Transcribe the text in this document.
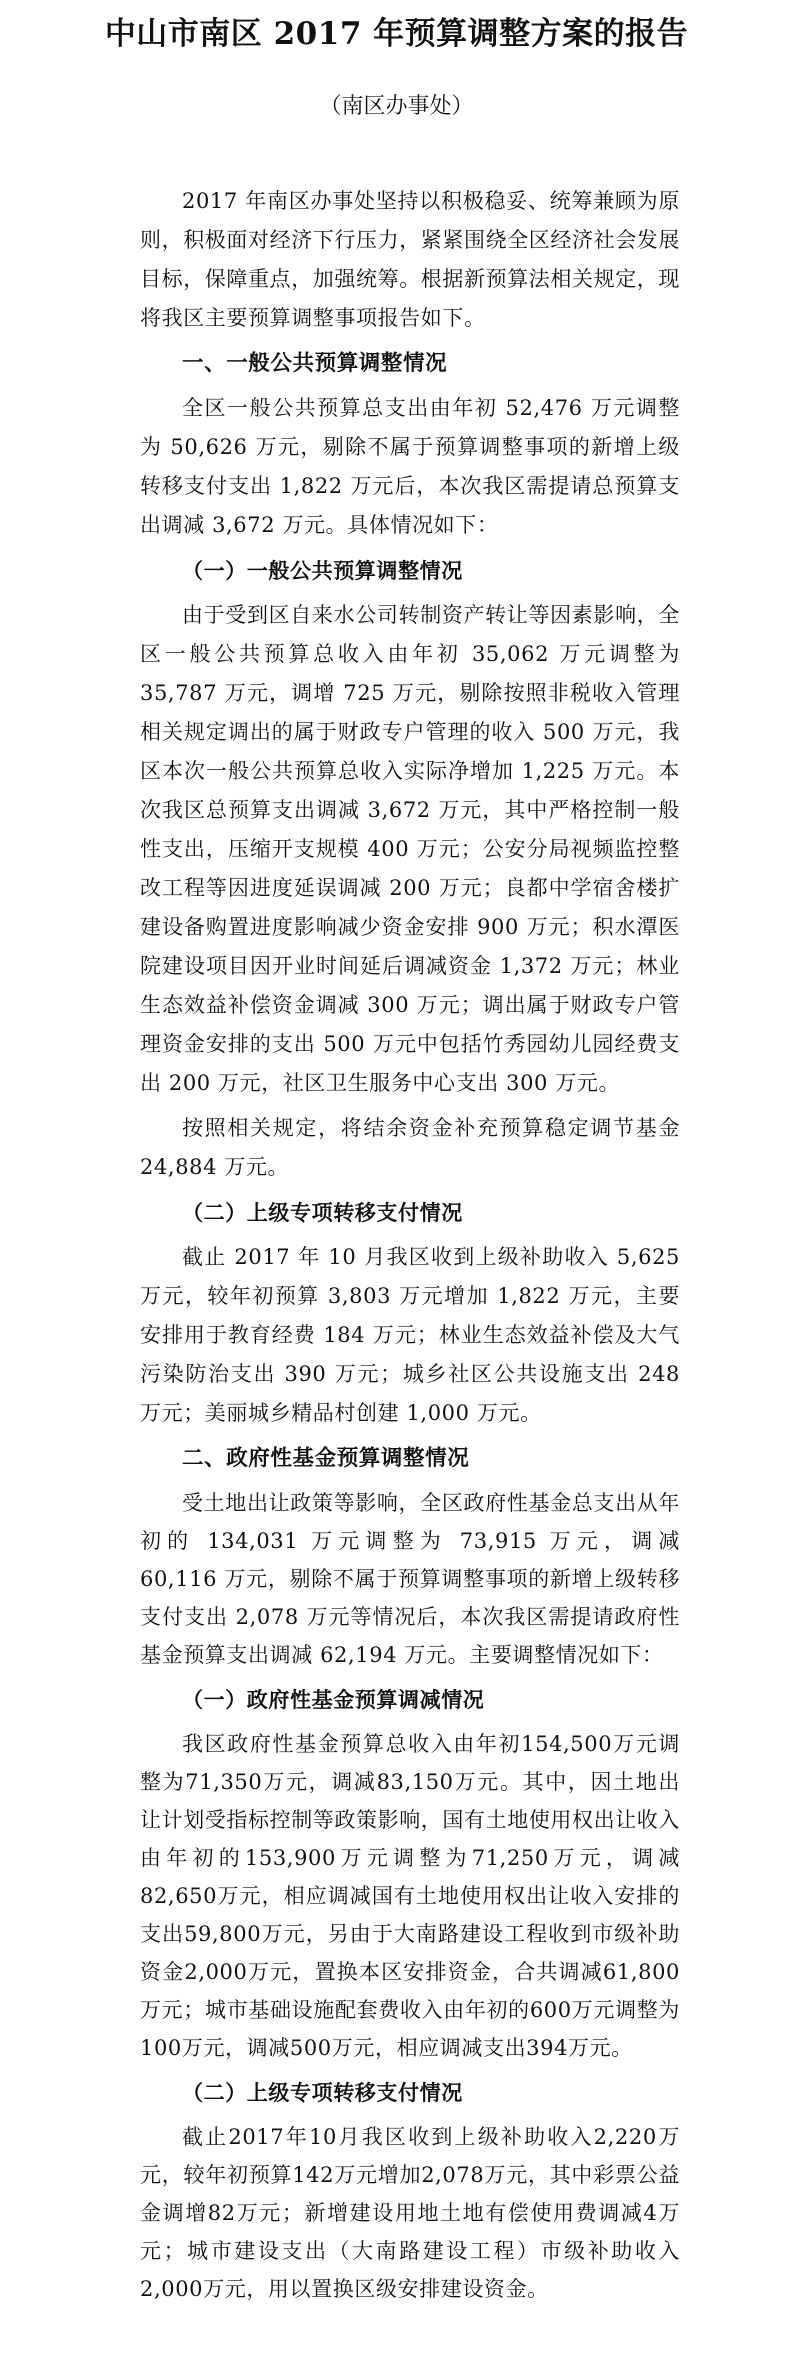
中山市南区 2017 年预算调整方案的报告
（南区办事处）

2017 年南区办事处坚持以积极稳妥、统筹兼顾为原则，积极面对经济下行压力，紧紧围绕全区经济社会发展目标，保障重点，加强统筹。根据新预算法相关规定，现将我区主要预算调整事项报告如下。

一、一般公共预算调整情况

全区一般公共预算总支出由年初 52,476 万元调整为 50,626 万元，剔除不属于预算调整事项的新增上级转移支付支出 1,822 万元后，本次我区需提请总预算支出调减 3,672 万元。具体情况如下：

（一）一般公共预算调整情况

由于受到区自来水公司转制资产转让等因素影响，全区一般公共预算总收入由年初 35,062 万元调整为 35,787 万元，调增 725 万元，剔除按照非税收入管理相关规定调出的属于财政专户管理的收入 500 万元，我区本次一般公共预算总收入实际净增加 1,225 万元。本次我区总预算支出调减 3,672 万元，其中严格控制一般性支出，压缩开支规模 400 万元；公安分局视频监控整改工程等因进度延误调减 200 万元；良都中学宿舍楼扩建设备购置进度影响减少资金安排 900 万元；积水潭医院建设项目因开业时间延后调减资金 1,372 万元；林业生态效益补偿资金调减 300 万元；调出属于财政专户管理资金安排的支出 500 万元中包括竹秀园幼儿园经费支出 200 万元，社区卫生服务中心支出 300 万元。

按照相关规定，将结余资金补充预算稳定调节基金 24,884 万元。

（二）上级专项转移支付情况

截止 2017 年 10 月我区收到上级补助收入 5,625 万元，较年初预算 3,803 万元增加 1,822 万元，主要安排用于教育经费 184 万元；林业生态效益补偿及大气污染防治支出 390 万元；城乡社区公共设施支出 248 万元；美丽城乡精品村创建 1,000 万元。

二、政府性基金预算调整情况

受土地出让政策等影响，全区政府性基金总支出从年初的 134,031 万元调整为 73,915 万元，调减 60,116 万元，剔除不属于预算调整事项的新增上级转移支付支出 2,078 万元等情况后，本次我区需提请政府性基金预算支出调减 62,194 万元。主要调整情况如下：

（一）政府性基金预算调减情况

我区政府性基金预算总收入由年初154,500万元调整为71,350万元，调减83,150万元。其中，因土地出让计划受指标控制等政策影响，国有土地使用权出让收入由年初的153,900万元调整为71,250万元，调减82,650万元，相应调减国有土地使用权出让收入安排的支出59,800万元，另由于大南路建设工程收到市级补助资金2,000万元，置换本区安排资金，合共调减61,800万元；城市基础设施配套费收入由年初的600万元调整为100万元，调减500万元，相应调减支出394万元。

（二）上级专项转移支付情况

截止2017年10月我区收到上级补助收入2,220万元，较年初预算142万元增加2,078万元，其中彩票公益金调增82万元；新增建设用地土地有偿使用费调减4万元；城市建设支出（大南路建设工程）市级补助收入2,000万元，用以置换区级安排建设资金。
